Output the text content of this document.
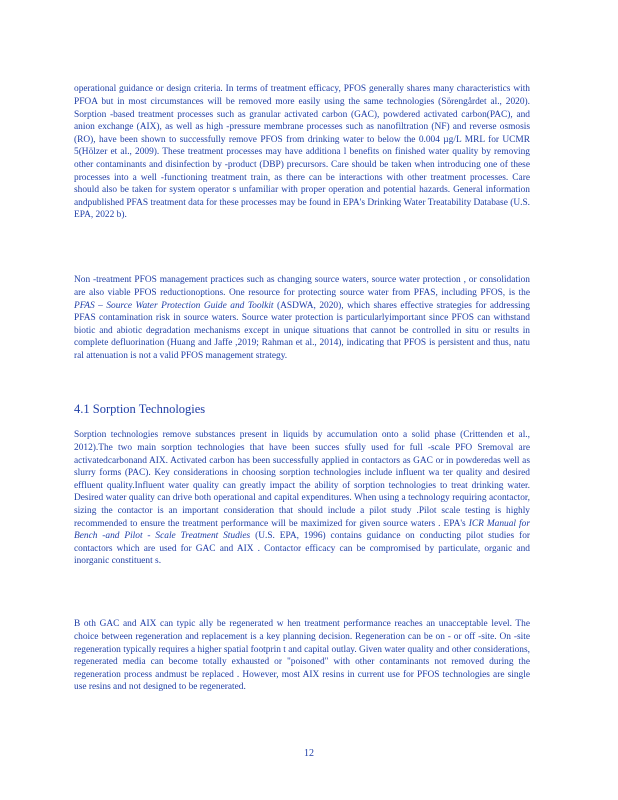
operational guidance or design criteria. In terms of treatment efficacy, PFOS generally shares many characteristics with PFOA but in most circumstances will be removed more easily using the same technologies (Sörengårdet al., 2020). Sorption -based treatment processes such as granular activated carbon (GAC), powdered activated carbon(PAC), and anion exchange (AIX), as well as high -pressure membrane processes such as nanofiltration (NF) and reverse osmosis (RO), have been shown to successfully remove PFOS from drinking water to below the 0.004 µg/L MRL for UCMR 5(Hölzer et al., 2009). These treatment processes may have additiona l benefits on finished water quality by removing other contaminants and disinfection by -product (DBP) precursors. Care should be taken when introducing one of these processes into a well -functioning treatment train, as there can be interactions with other treatment processes. Care should also be taken for system operator s unfamiliar with proper operation and potential hazards. General information andpublished PFAS treatment data for these processes may be found in EPA's Drinking Water Treatability Database (U.S. EPA, 2022 b).

Non -treatment PFOS management practices such as changing source waters, source water protection , or consolidation are also viable PFOS reductionoptions. One resource for protecting source water from PFAS, including PFOS, is the PFAS – Source Water Protection Guide and Toolkit (ASDWA, 2020), which shares effective strategies for addressing PFAS contamination risk in source waters. Source water protection is particularlyimportant since PFOS can withstand biotic and abiotic degradation mechanisms except in unique situations that cannot be controlled in situ or results in complete defluorination (Huang and Jaffe ,2019; Rahman et al., 2014), indicating that PFOS is persistent and thus, natu ral attenuation is not a valid PFOS management strategy.

4.1 Sorption Technologies

Sorption technologies remove substances present in liquids by accumulation onto a solid phase (Crittenden et al., 2012).The two main sorption technologies that have been succes sfully used for full -scale PFO Sremoval are activatedcarbonand AIX. Activated carbon has been successfully applied in contactors as GAC or in powderedas well as slurry forms (PAC). Key considerations in choosing sorption technologies include influent wa ter quality and desired effluent quality.Influent water quality can greatly impact the ability of sorption technologies to treat drinking water. Desired water quality can drive both operational and capital expenditures. When using a technology requiring acontactor, sizing the contactor is an important consideration that should include a pilot study .Pilot scale testing is highly recommended to ensure the treatment performance will be maximized for given source waters . EPA's ICR Manual for Bench -and Pilot - Scale Treatment Studies (U.S. EPA, 1996) contains guidance on conducting pilot studies for contactors which are used for GAC and AIX . Contactor efficacy can be compromised by particulate, organic and inorganic constituent s.

B oth GAC and AIX can typic ally be regenerated w hen treatment performance reaches an unacceptable level. The choice between regeneration and replacement is a key planning decision. Regeneration can be on - or off -site. On -site regeneration typically requires a higher spatial footprin t and capital outlay. Given water quality and other considerations, regenerated media can become totally exhausted or "poisoned" with other contaminants not removed during the regeneration process andmust be replaced . However, most AIX resins in current use for PFOS technologies are single use resins and not designed to be regenerated.

12
